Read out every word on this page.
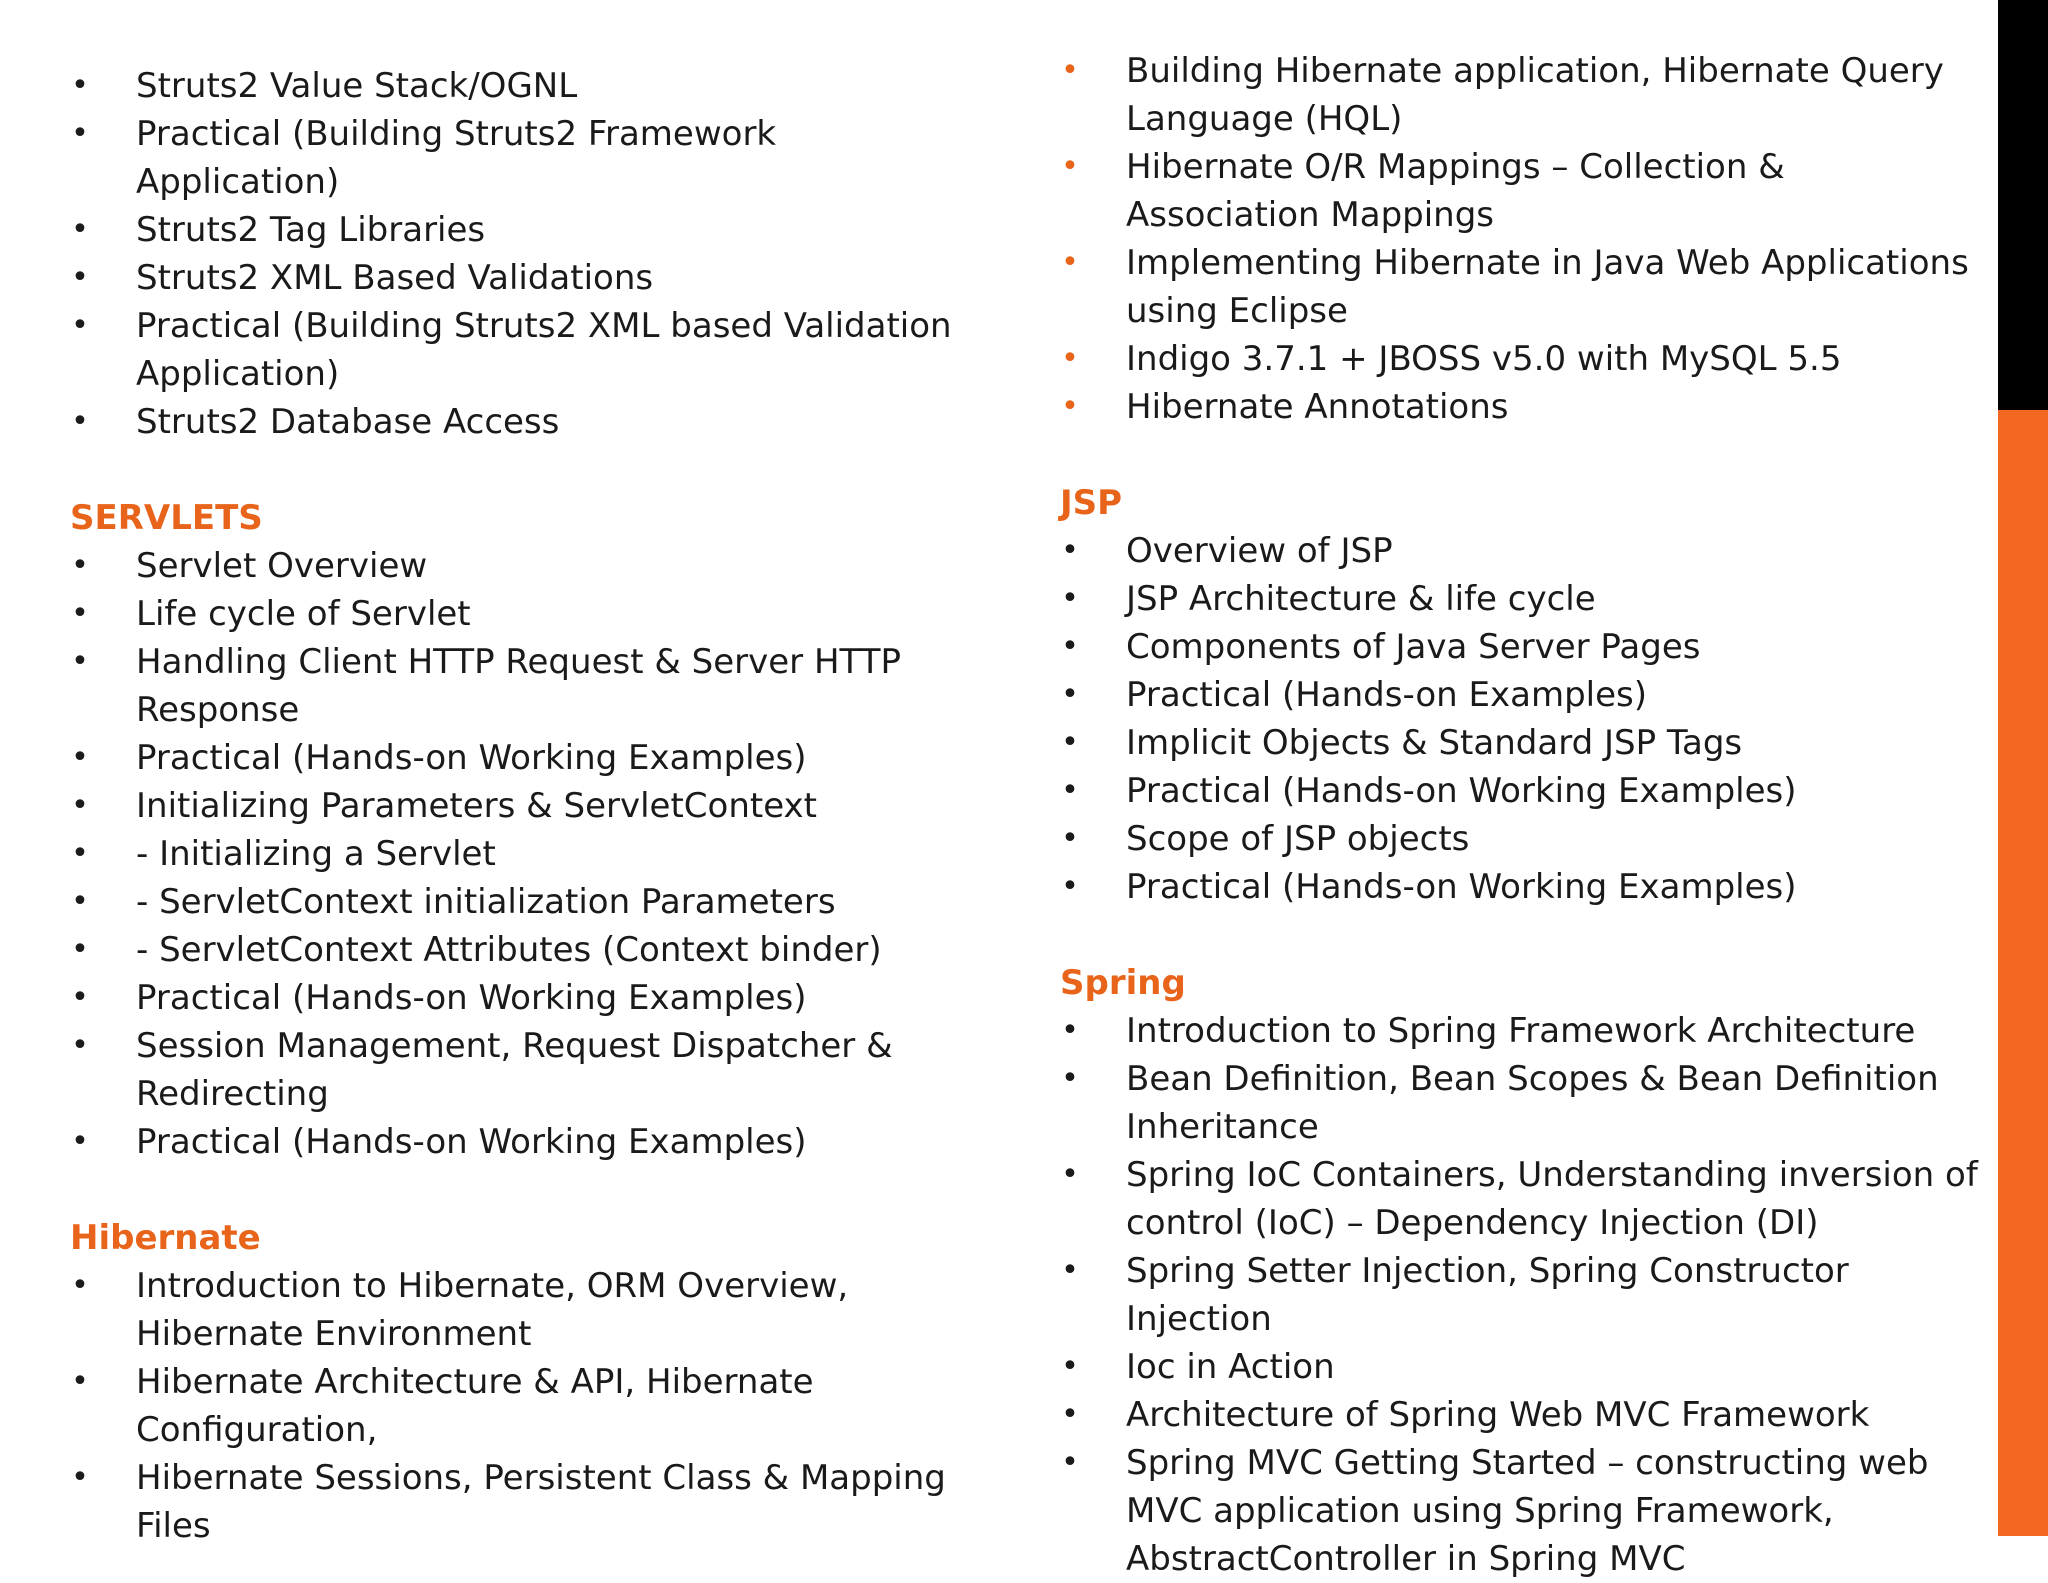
• Struts2 Value Stack/OGNL
• Practical (Building Struts2 Framework Application)
• Struts2 Tag Libraries
• Struts2 XML Based Validations
• Practical (Building Struts2 XML based Validation Application)
• Struts2 Database Access
SERVLETS
• Servlet Overview
• Life cycle of Servlet
• Handling Client HTTP Request & Server HTTP Response
• Practical (Hands-on Working Examples)
• Initializing Parameters & ServletContext
• - Initializing a Servlet
• - ServletContext initialization Parameters
• - ServletContext Attributes (Context binder)
• Practical (Hands-on Working Examples)
• Session Management, Request Dispatcher & Redirecting
• Practical (Hands-on Working Examples)
Hibernate
• Introduction to Hibernate, ORM Overview, Hibernate Environment
• Hibernate Architecture & API, Hibernate Configuration,
• Hibernate Sessions, Persistent Class & Mapping Files
• Building Hibernate application, Hibernate Query Language (HQL)
• Hibernate O/R Mappings – Collection & Association Mappings
• Implementing Hibernate in Java Web Applications using Eclipse
• Indigo 3.7.1 + JBOSS v5.0 with MySQL 5.5
• Hibernate Annotations
JSP
• Overview of JSP
• JSP Architecture & life cycle
• Components of Java Server Pages
• Practical (Hands-on Examples)
• Implicit Objects & Standard JSP Tags
• Practical (Hands-on Working Examples)
• Scope of JSP objects
• Practical (Hands-on Working Examples)
Spring
• Introduction to Spring Framework Architecture
• Bean Definition, Bean Scopes & Bean Definition Inheritance
• Spring IoC Containers, Understanding inversion of control (IoC) – Dependency Injection (DI)
• Spring Setter Injection, Spring Constructor Injection
• Ioc in Action
• Architecture of Spring Web MVC Framework
• Spring MVC Getting Started – constructing web MVC application using Spring Framework, AbstractController in Spring MVC
